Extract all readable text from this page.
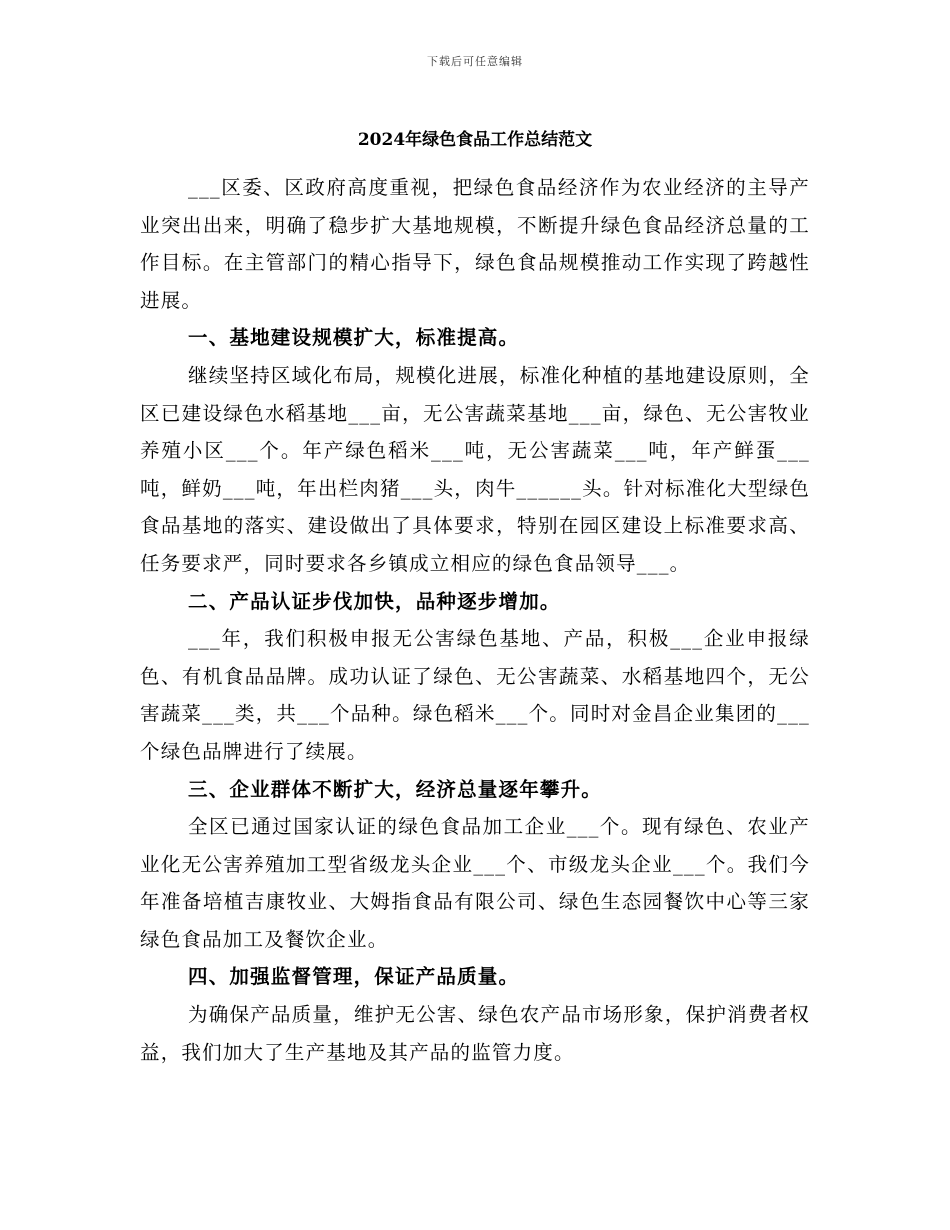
下载后可任意编辑
2024年绿色食品工作总结范文

___区委、区政府高度重视，把绿色食品经济作为农业经济的主导产业突出出来，明确了稳步扩大基地规模，不断提升绿色食品经济总量的工作目标。在主管部门的精心指导下，绿色食品规模推动工作实现了跨越性进展。

一、基地建设规模扩大，标准提高。

继续坚持区域化布局，规模化进展，标准化种植的基地建设原则，全区已建设绿色水稻基地___亩，无公害蔬菜基地___亩，绿色、无公害牧业养殖小区___个。年产绿色稻米___吨，无公害蔬菜___吨，年产鲜蛋___吨，鲜奶___吨，年出栏肉猪___头，肉牛______头。针对标准化大型绿色食品基地的落实、建设做出了具体要求，特别在园区建设上标准要求高、任务要求严，同时要求各乡镇成立相应的绿色食品领导___。

二、产品认证步伐加快，品种逐步增加。

___年，我们积极申报无公害绿色基地、产品，积极___企业申报绿色、有机食品品牌。成功认证了绿色、无公害蔬菜、水稻基地四个，无公害蔬菜___类，共___个品种。绿色稻米___个。同时对金昌企业集团的___个绿色品牌进行了续展。

三、企业群体不断扩大，经济总量逐年攀升。

全区已通过国家认证的绿色食品加工企业___个。现有绿色、农业产业化无公害养殖加工型省级龙头企业___个、市级龙头企业___个。我们今年准备培植吉康牧业、大姆指食品有限公司、绿色生态园餐饮中心等三家绿色食品加工及餐饮企业。

四、加强监督管理，保证产品质量。

为确保产品质量，维护无公害、绿色农产品市场形象，保护消费者权益，我们加大了生产基地及其产品的监管力度。
